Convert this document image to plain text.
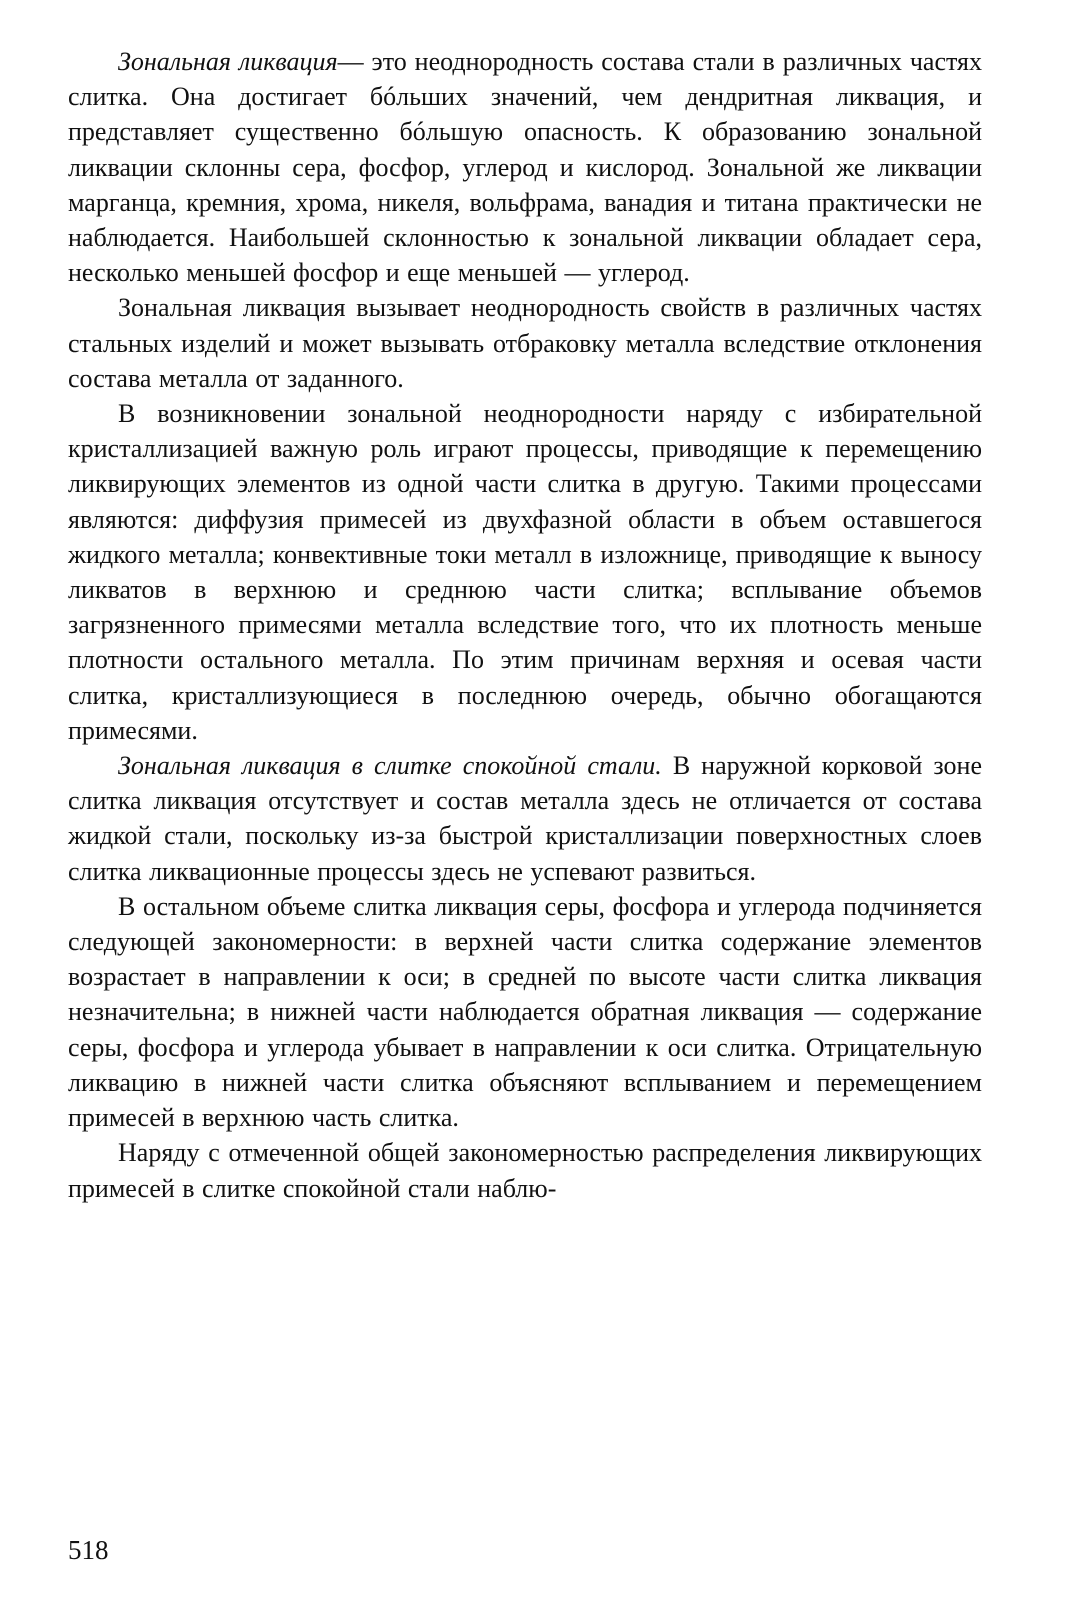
Зональная ликвация— это неоднородность состава стали в различных частях слитка. Она достигает бóльших значений, чем дендритная ликвация, и представляет существенно бóльшую опасность. К образованию зональной ликвации склонны сера, фосфор, углерод и кислород. Зональной же ликвации марганца, кремния, хрома, никеля, вольфрама, ванадия и титана практически не наблюдается. Наибольшей склонностью к зональной ликвации обладает сера, несколько меньшей фосфор и еще меньшей — углерод.

Зональная ликвация вызывает неоднородность свойств в различных частях стальных изделий и может вызывать отбраковку металла вследствие отклонения состава металла от заданного.

В возникновении зональной неоднородности наряду с избирательной кристаллизацией важную роль играют процессы, приводящие к перемещению ликвирующих элементов из одной части слитка в другую. Такими процессами являются: диффузия примесей из двухфазной области в объем оставшегося жидкого металла; конвективные токи металл в изложнице, приводящие к выносу ликватов в верхнюю и среднюю части слитка; всплывание объемов загрязненного примесями металла вследствие того, что их плотность меньше плотности остального металла. По этим причинам верхняя и осевая части слитка, кристаллизующиеся в последнюю очередь, обычно обогащаются примесями.

Зональная ликвация в слитке спокойной стали. В наружной корковой зоне слитка ликвация отсутствует и состав металла здесь не отличается от состава жидкой стали, поскольку из-за быстрой кристаллизации поверхностных слоев слитка ликвационные процессы здесь не успевают развиться.

В остальном объеме слитка ликвация серы, фосфора и углерода подчиняется следующей закономерности: в верхней части слитка содержание элементов возрастает в направлении к оси; в средней по высоте части слитка ликвация незначительна; в нижней части наблюдается обратная ликвация — содержание серы, фосфора и углерода убывает в направлении к оси слитка. Отрицательную ликвацию в нижней части слитка объясняют всплыванием и перемещением примесей в верхнюю часть слитка.

Наряду с отмеченной общей закономерностью распределения ликвирующих примесей в слитке спокойной стали наблю-

518
